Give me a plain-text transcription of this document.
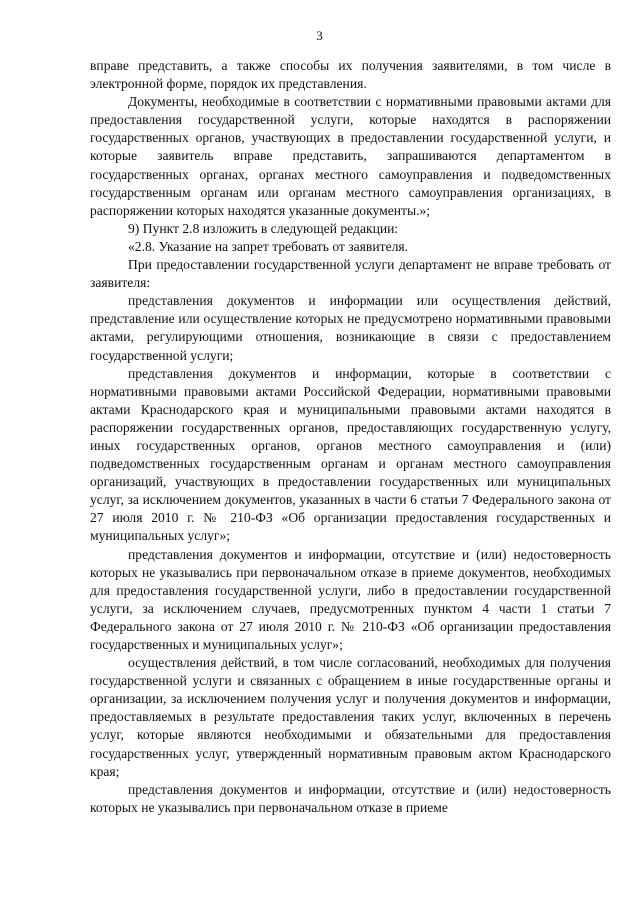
3

вправе представить, а также способы их получения заявителями, в том числе в электронной форме, порядок их представления.

Документы, необходимые в соответствии с нормативными правовыми актами для предоставления государственной услуги, которые находятся в распоряжении государственных органов, участвующих в предоставлении государственной услуги, и которые заявитель вправе представить, запрашиваются департаментом в государственных органах, органах местного самоуправления и подведомственных государственным органам или органам местного самоуправления организациях, в распоряжении которых находятся указанные документы.»;

9) Пункт 2.8 изложить в следующей редакции:

«2.8. Указание на запрет требовать от заявителя.

При предоставлении государственной услуги департамент не вправе требовать от заявителя:

представления документов и информации или осуществления действий, представление или осуществление которых не предусмотрено нормативными правовыми актами, регулирующими отношения, возникающие в связи с предоставлением государственной услуги;

представления документов и информации, которые в соответствии с нормативными правовыми актами Российской Федерации, нормативными правовыми актами Краснодарского края и муниципальными правовыми актами находятся в распоряжении государственных органов, предоставляющих государственную услугу, иных государственных органов, органов местного самоуправления и (или) подведомственных государственным органам и органам местного самоуправления организаций, участвующих в предоставлении государственных или муниципальных услуг, за исключением документов, указанных в части 6 статьи 7 Федерального закона от 27 июля 2010 г. № 210-ФЗ «Об организации предоставления государственных и муниципальных услуг»;

представления документов и информации, отсутствие и (или) недостоверность которых не указывались при первоначальном отказе в приеме документов, необходимых для предоставления государственной услуги, либо в предоставлении государственной услуги, за исключением случаев, предусмотренных пунктом 4 части 1 статьи 7 Федерального закона от 27 июля 2010 г. № 210-ФЗ «Об организации предоставления государственных и муниципальных услуг»;

осуществления действий, в том числе согласований, необходимых для получения государственной услуги и связанных с обращением в иные государственные органы и организации, за исключением получения услуг и получения документов и информации, предоставляемых в результате предоставления таких услуг, включенных в перечень услуг, которые являются необходимыми и обязательными для предоставления государственных услуг, утвержденный нормативным правовым актом Краснодарского края;

представления документов и информации, отсутствие и (или) недостоверность которых не указывались при первоначальном отказе в приеме
